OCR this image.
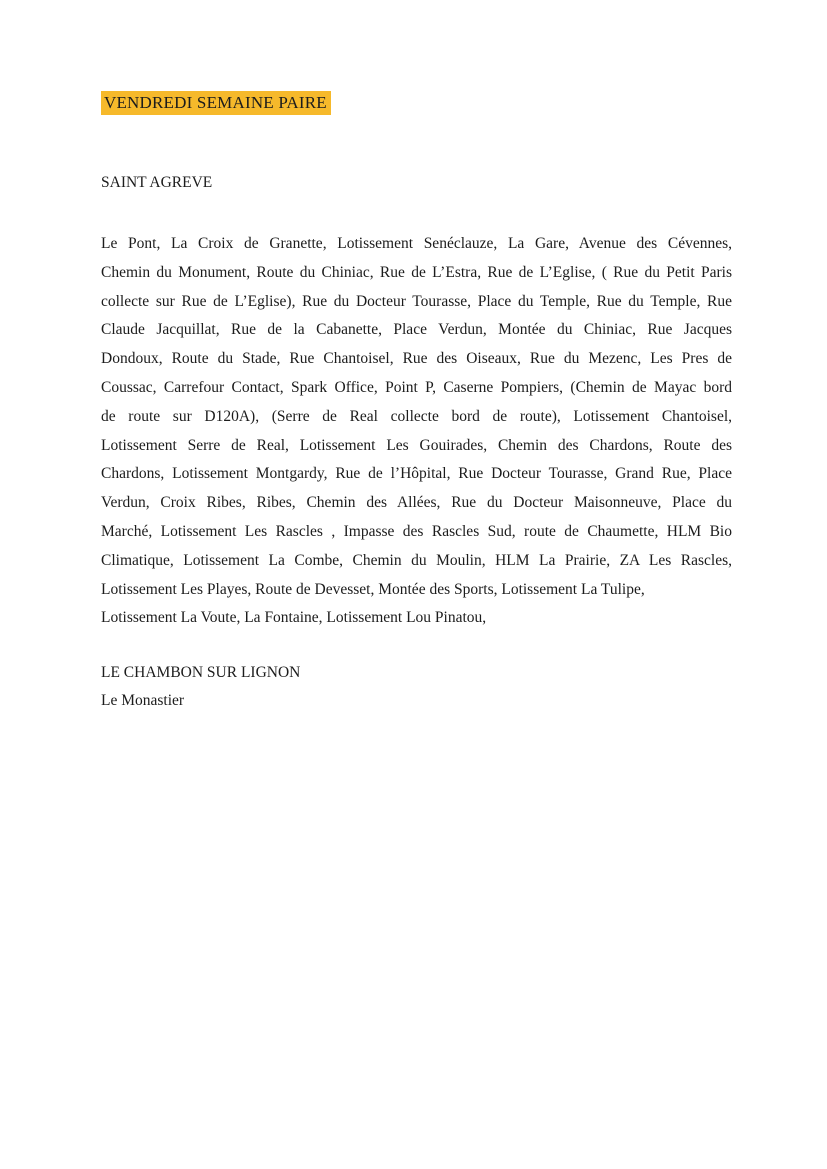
VENDREDI SEMAINE PAIRE
SAINT AGREVE
Le Pont, La Croix de Granette, Lotissement Senéclauze, La Gare, Avenue des Cévennes,
Chemin du Monument, Route du Chiniac, Rue de L’Estra, Rue de L’Eglise, ( Rue du Petit Paris
collecte sur Rue de L’Eglise), Rue du Docteur Tourasse, Place du Temple, Rue du Temple, Rue
Claude Jacquillat, Rue de la Cabanette, Place Verdun, Montée du Chiniac, Rue Jacques
Dondoux, Route du Stade, Rue Chantoisel, Rue des Oiseaux, Rue du Mezenc, Les Pres de
Coussac, Carrefour Contact, Spark Office, Point P, Caserne Pompiers, (Chemin de Mayac bord
de route sur D120A), (Serre de Real collecte bord de route), Lotissement Chantoisel,
Lotissement Serre de Real, Lotissement Les Gouirades, Chemin des Chardons, Route des
Chardons, Lotissement Montgardy, Rue de l’Hôpital, Rue Docteur Tourasse, Grand Rue, Place
Verdun, Croix Ribes, Ribes, Chemin des Allées, Rue du Docteur Maisonneuve, Place du
Marché, Lotissement Les Rascles , Impasse des Rascles Sud, route de Chaumette, HLM Bio
Climatique, Lotissement La Combe, Chemin du Moulin, HLM La Prairie, ZA Les Rascles,
Lotissement Les Playes, Route de Devesset, Montée des Sports, Lotissement La Tulipe,
Lotissement La Voute, La Fontaine, Lotissement Lou Pinatou,
LE CHAMBON SUR LIGNON
Le Monastier
